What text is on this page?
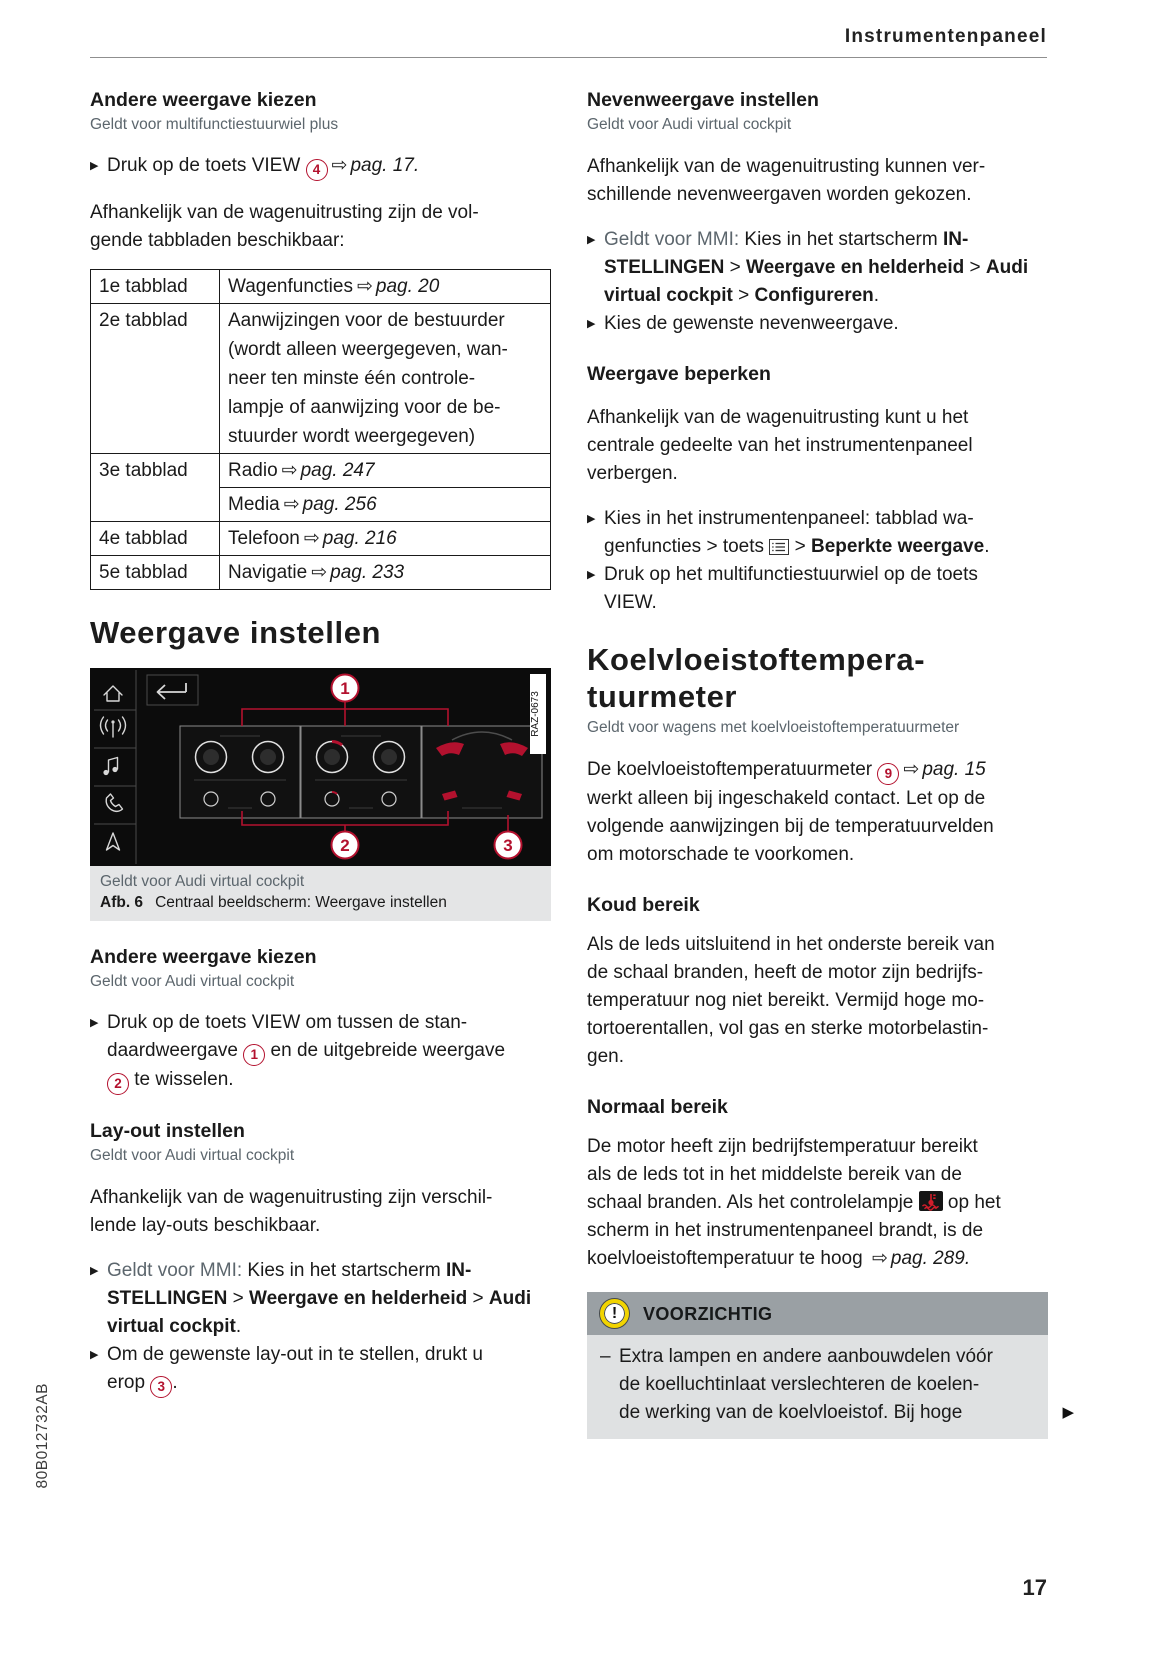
Instrumentenpaneel
Andere weergave kiezen
Geldt voor multifunctiestuurwiel plus
▶ Druk op de toets VIEW 4 ⇨ pag. 17.
Afhankelijk van de wagenuitrusting zijn de vol-
gende tabbladen beschikbaar:
1e tabblad	Wagenfuncties ⇨ pag. 20
2e tabblad	Aanwijzingen voor de bestuurder
(wordt alleen weergegeven, wan-
neer ten minste één controle-
lampje of aanwijzing voor de be-
stuurder wordt weergegeven)

3e tabblad	Radio ⇨ pag. 247
	Media ⇨ pag. 256
4e tabblad	Telefoon ⇨ pag. 216
5e tabblad	Navigatie ⇨ pag. 233
Weergave instellen
1
2	3
RAZ-0673
Geldt voor Audi virtual cockpit
Afb. 6 Centraal beeldscherm: Weergave instellen
Andere weergave kiezen
Geldt voor Audi virtual cockpit
▶ Druk op de toets VIEW om tussen de stan-
daardweergave 1 en de uitgebreide weergave
2 te wisselen.
Lay-out instellen
Geldt voor Audi virtual cockpit
Afhankelijk van de wagenuitrusting zijn verschil-
lende lay-outs beschikbaar.
▶ Geldt voor MMI: Kies in het startscherm IN-
STELLINGEN > Weergave en helderheid > Audi
virtual cockpit.
▶ Om de gewenste lay-out in te stellen, drukt u
erop 3 .
Nevenweergave instellen
Geldt voor Audi virtual cockpit
Afhankelijk van de wagenuitrusting kunnen ver-
schillende nevenweergaven worden gekozen.
▶ Geldt voor MMI: Kies in het startscherm IN-
STELLINGEN > Weergave en helderheid > Audi
virtual cockpit > Configureren.
▶ Kies de gewenste nevenweergave.
Weergave beperken
Afhankelijk van de wagenuitrusting kunt u het
centrale gedeelte van het instrumentenpaneel
verbergen.
▶ Kies in het instrumentenpaneel: tabblad wa-
genfuncties > toets  > Beperkte weergave.
▶ Druk op het multifunctiestuurwiel op de toets
VIEW.
Koelvloeistoftempera-
tuurmeter
Geldt voor wagens met koelvloeistoftemperatuurmeter
De koelvloeistoftemperatuurmeter 9 ⇨ pag. 15
werkt alleen bij ingeschakeld contact. Let op de
volgende aanwijzingen bij de temperatuurvelden
om motorschade te voorkomen.
Koud bereik
Als de leds uitsluitend in het onderste bereik van
de schaal branden, heeft de motor zijn bedrijfs-
temperatuur nog niet bereikt. Vermijd hoge mo-
tortoerentallen, vol gas en sterke motorbelastin-
gen.
Normaal bereik
De motor heeft zijn bedrijfstemperatuur bereikt
als de leds tot in het middelste bereik van de
schaal branden. Als het controlelampje  op het
scherm in het instrumentenpaneel brandt, is de
koelvloeistoftemperatuur te hoog ⇨ pag. 289.
!	VOORZICHTIG
– Extra lampen en andere aanbouwdelen vóór
de koelluchtinlaat verslechteren de koelen-
de werking van de koelvloeistof. Bij hoge	▶
80B012732AB
17
